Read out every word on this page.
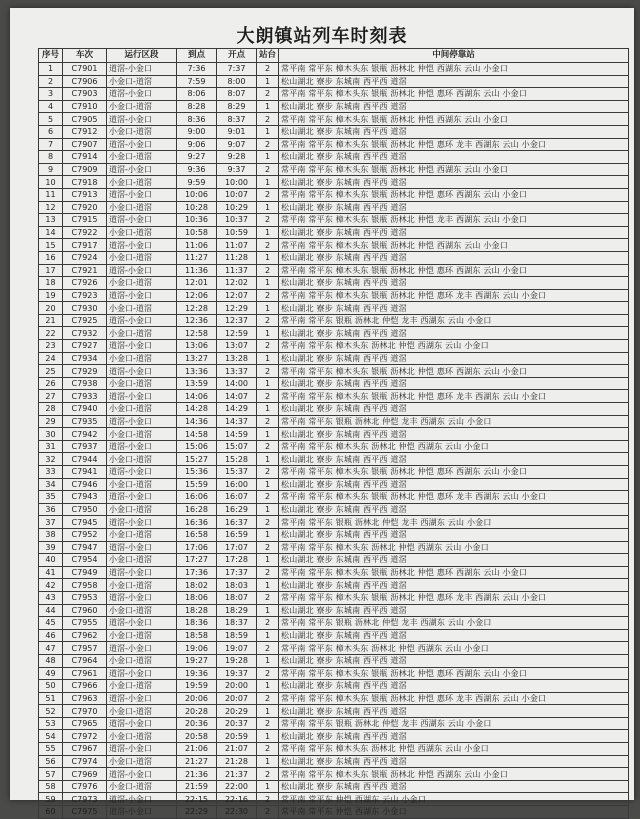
大朗镇站列车时刻表
序号	车次	运行区段	到点	开点	站台	中间停靠站
1	C7901	道滘-小金口	7:36	7:37	2	常平南 常平东 樟木头东 银瓶 沥林北 仲恺 西湖东 云山 小金口
2	C7906	小金口-道滘	7:59	8:00	1	松山湖北 寮步 东城南 西平西 道滘
3	C7903	道滘-小金口	8:06	8:07	2	常平南 常平东 樟木头东 银瓶 沥林北 仲恺 惠环 西湖东 云山 小金口
4	C7910	小金口-道滘	8:28	8:29	1	松山湖北 寮步 东城南 西平西 道滘
5	C7905	道滘-小金口	8:36	8:37	2	常平南 常平东 樟木头东 银瓶 沥林北 仲恺 西湖东 云山 小金口
6	C7912	小金口-道滘	9:00	9:01	1	松山湖北 寮步 东城南 西平西 道滘
7	C7907	道滘-小金口	9:06	9:07	2	常平南 常平东 樟木头东 银瓶 沥林北 仲恺 惠环 龙丰 西湖东 云山 小金口
8	C7914	小金口-道滘	9:27	9:28	1	松山湖北 寮步 东城南 西平西 道滘
9	C7909	道滘-小金口	9:36	9:37	2	常平南 常平东 樟木头东 银瓶 沥林北 仲恺 西湖东 云山 小金口
10	C7918	小金口-道滘	9:59	10:00	1	松山湖北 寮步 东城南 西平西 道滘
11	C7913	道滘-小金口	10:06	10:07	2	常平南 常平东 樟木头东 银瓶 沥林北 仲恺 惠环 西湖东 云山 小金口
12	C7920	小金口-道滘	10:28	10:29	1	松山湖北 寮步 东城南 西平西 道滘
13	C7915	道滘-小金口	10:36	10:37	2	常平南 常平东 樟木头东 银瓶 沥林北 仲恺 龙丰 西湖东 云山 小金口
14	C7922	小金口-道滘	10:58	10:59	1	松山湖北 寮步 东城南 西平西 道滘
15	C7917	道滘-小金口	11:06	11:07	2	常平南 常平东 樟木头东 银瓶 沥林北 仲恺 西湖东 云山 小金口
16	C7924	小金口-道滘	11:27	11:28	1	松山湖北 寮步 东城南 西平西 道滘
17	C7921	道滘-小金口	11:36	11:37	2	常平南 常平东 樟木头东 银瓶 沥林北 仲恺 惠环 西湖东 云山 小金口
18	C7926	小金口-道滘	12:01	12:02	1	松山湖北 寮步 东城南 西平西 道滘
19	C7923	道滘-小金口	12:06	12:07	2	常平南 常平东 樟木头东 银瓶 沥林北 仲恺 惠环 龙丰 西湖东 云山 小金口
20	C7930	小金口-道滘	12:28	12:29	1	松山湖北 寮步 东城南 西平西 道滘
21	C7925	道滘-小金口	12:36	12:37	2	常平南 常平东 银瓶 沥林北 仲恺 龙丰 西湖东 云山 小金口
22	C7932	小金口-道滘	12:58	12:59	1	松山湖北 寮步 东城南 西平西 道滘
23	C7927	道滘-小金口	13:06	13:07	2	常平南 常平东 樟木头东 沥林北 仲恺 西湖东 云山 小金口
24	C7934	小金口-道滘	13:27	13:28	1	松山湖北 寮步 东城南 西平西 道滘
25	C7929	道滘-小金口	13:36	13:37	2	常平南 常平东 樟木头东 银瓶 沥林北 仲恺 惠环 西湖东 云山 小金口
26	C7938	小金口-道滘	13:59	14:00	1	松山湖北 寮步 东城南 西平西 道滘
27	C7933	道滘-小金口	14:06	14:07	2	常平南 常平东 樟木头东 银瓶 沥林北 仲恺 惠环 龙丰 西湖东 云山 小金口
28	C7940	小金口-道滘	14:28	14:29	1	松山湖北 寮步 东城南 西平西 道滘
29	C7935	道滘-小金口	14:36	14:37	2	常平南 常平东 银瓶 沥林北 仲恺 龙丰 西湖东 云山 小金口
30	C7942	小金口-道滘	14:58	14:59	1	松山湖北 寮步 东城南 西平西 道滘
31	C7937	道滘-小金口	15:06	15:07	2	常平南 常平东 樟木头东 沥林北 仲恺 西湖东 云山 小金口
32	C7944	小金口-道滘	15:27	15:28	1	松山湖北 寮步 东城南 西平西 道滘
33	C7941	道滘-小金口	15:36	15:37	2	常平南 常平东 樟木头东 银瓶 沥林北 仲恺 惠环 西湖东 云山 小金口
34	C7946	小金口-道滘	15:59	16:00	1	松山湖北 寮步 东城南 西平西 道滘
35	C7943	道滘-小金口	16:06	16:07	2	常平南 常平东 樟木头东 银瓶 沥林北 仲恺 惠环 龙丰 西湖东 云山 小金口
36	C7950	小金口-道滘	16:28	16:29	1	松山湖北 寮步 东城南 西平西 道滘
37	C7945	道滘-小金口	16:36	16:37	2	常平南 常平东 银瓶 沥林北 仲恺 龙丰 西湖东 云山 小金口
38	C7952	小金口-道滘	16:58	16:59	1	松山湖北 寮步 东城南 西平西 道滘
39	C7947	道滘-小金口	17:06	17:07	2	常平南 常平东 樟木头东 沥林北 仲恺 西湖东 云山 小金口
40	C7954	小金口-道滘	17:27	17:28	1	松山湖北 寮步 东城南 西平西 道滘
41	C7949	道滘-小金口	17:36	17:37	2	常平南 常平东 樟木头东 银瓶 沥林北 仲恺 惠环 西湖东 云山 小金口
42	C7958	小金口-道滘	18:02	18:03	1	松山湖北 寮步 东城南 西平西 道滘
43	C7953	道滘-小金口	18:06	18:07	2	常平南 常平东 樟木头东 银瓶 沥林北 仲恺 惠环 龙丰 西湖东 云山 小金口
44	C7960	小金口-道滘	18:28	18:29	1	松山湖北 寮步 东城南 西平西 道滘
45	C7955	道滘-小金口	18:36	18:37	2	常平南 常平东 银瓶 沥林北 仲恺 龙丰 西湖东 云山 小金口
46	C7962	小金口-道滘	18:58	18:59	1	松山湖北 寮步 东城南 西平西 道滘
47	C7957	道滘-小金口	19:06	19:07	2	常平南 常平东 樟木头东 沥林北 仲恺 西湖东 云山 小金口
48	C7964	小金口-道滘	19:27	19:28	1	松山湖北 寮步 东城南 西平西 道滘
49	C7961	道滘-小金口	19:36	19:37	2	常平南 常平东 樟木头东 银瓶 沥林北 仲恺 惠环 西湖东 云山 小金口
50	C7966	小金口-道滘	19:59	20:00	1	松山湖北 寮步 东城南 西平西 道滘
51	C7963	道滘-小金口	20:06	20:07	2	常平南 常平东 樟木头东 银瓶 沥林北 仲恺 惠环 龙丰 西湖东 云山 小金口
52	C7970	小金口-道滘	20:28	20:29	1	松山湖北 寮步 东城南 西平西 道滘
53	C7965	道滘-小金口	20:36	20:37	2	常平南 常平东 银瓶 沥林北 仲恺 龙丰 西湖东 云山 小金口
54	C7972	小金口-道滘	20:58	20:59	1	松山湖北 寮步 东城南 西平西 道滘
55	C7967	道滘-小金口	21:06	21:07	2	常平南 常平东 樟木头东 沥林北 仲恺 西湖东 云山 小金口
56	C7974	小金口-道滘	21:27	21:28	1	松山湖北 寮步 东城南 西平西 道滘
57	C7969	道滘-小金口	21:36	21:37	2	常平南 常平东 樟木头东 银瓶 沥林北 仲恺 西湖东 云山 小金口
58	C7976	小金口-道滘	21:59	22:00	1	松山湖北 寮步 东城南 西平西 道滘
59	C7973	道滘-小金口	22:15	22:16	2	常平南 常平东 仲恺 西湖东 云山 小金口
60	C7975	道滘-小金口	22:29	22:30	2	常平南 常平东 仲恺 西湖东 小金口
